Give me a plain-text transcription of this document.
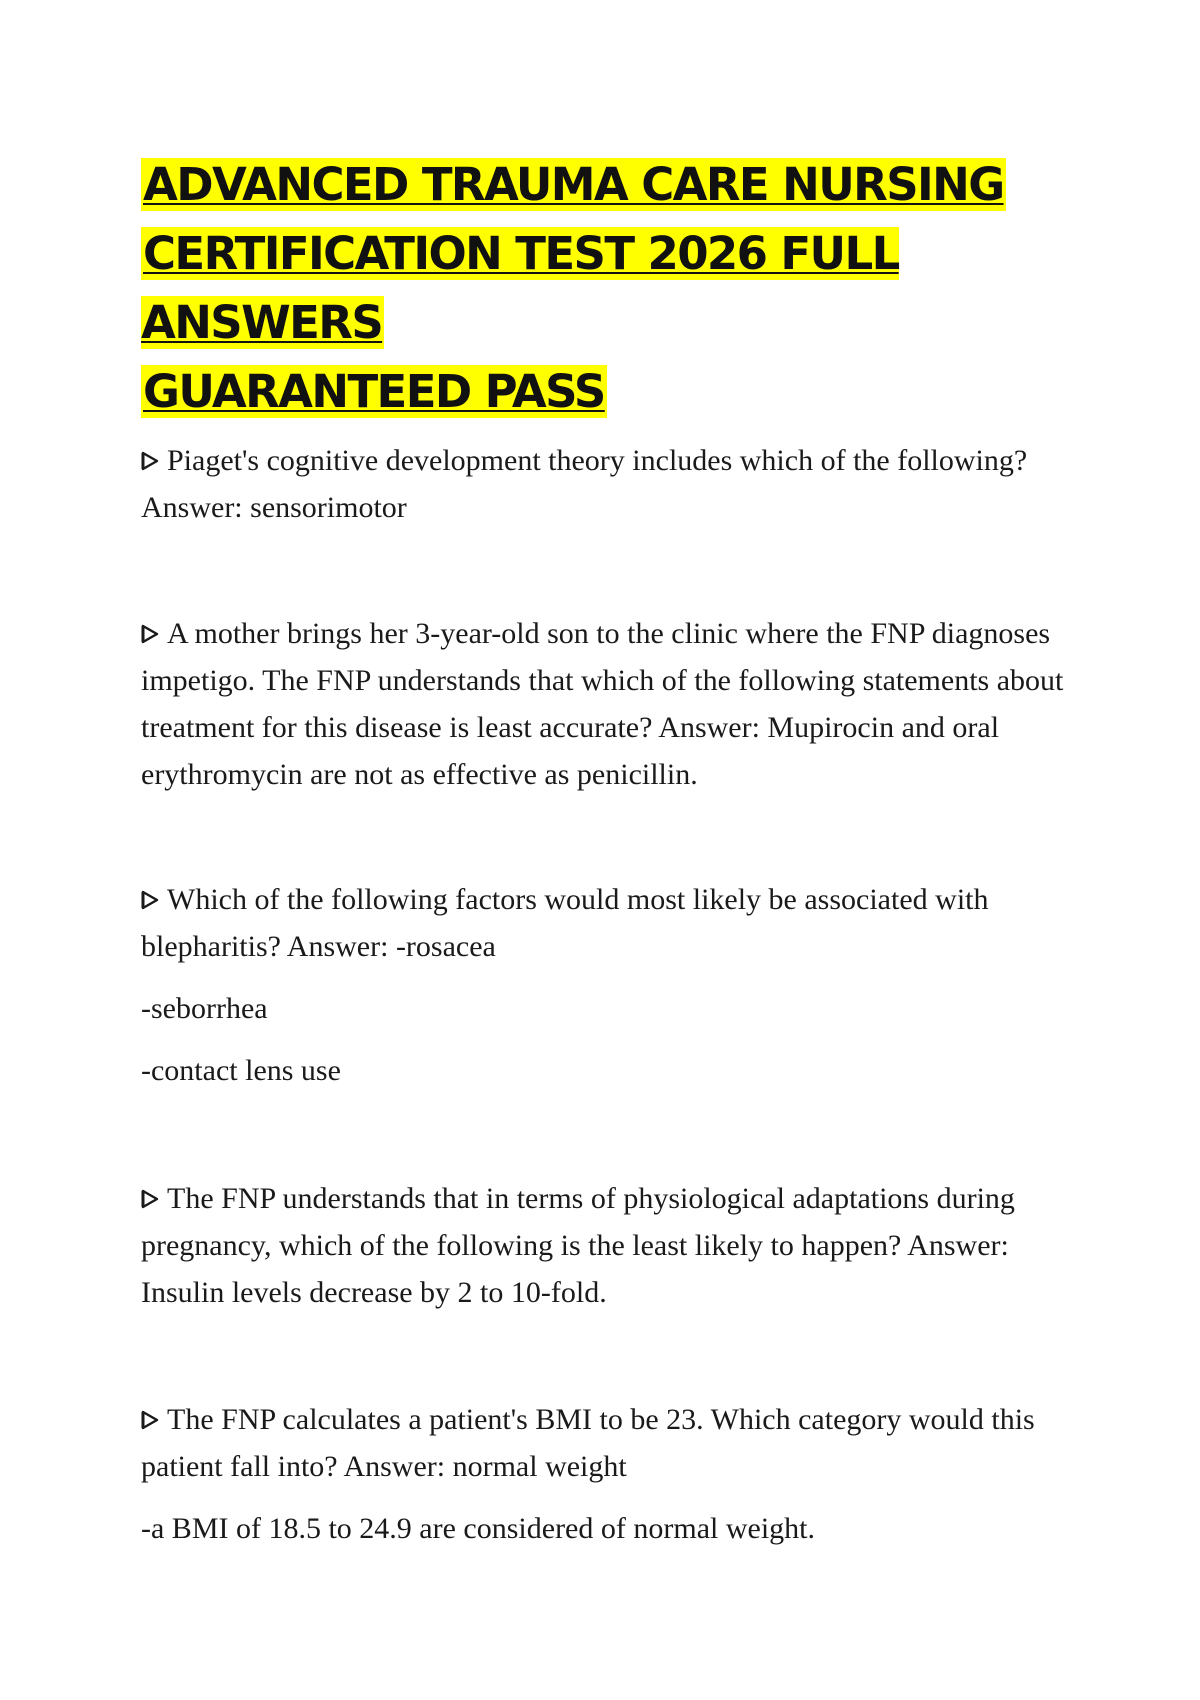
ADVANCED TRAUMA CARE NURSING
CERTIFICATION TEST 2026 FULL ANSWERS
GUARANTEED PASS

Piaget's cognitive development theory includes which of the following? Answer: sensorimotor

A mother brings her 3-year-old son to the clinic where the FNP diagnoses impetigo. The FNP understands that which of the following statements about treatment for this disease is least accurate? Answer: Mupirocin and oral erythromycin are not as effective as penicillin.

Which of the following factors would most likely be associated with blepharitis? Answer: -rosacea

-seborrhea

-contact lens use

The FNP understands that in terms of physiological adaptations during pregnancy, which of the following is the least likely to happen? Answer: Insulin levels decrease by 2 to 10-fold.

The FNP calculates a patient's BMI to be 23. Which category would this patient fall into? Answer: normal weight

-a BMI of 18.5 to 24.9 are considered of normal weight.
